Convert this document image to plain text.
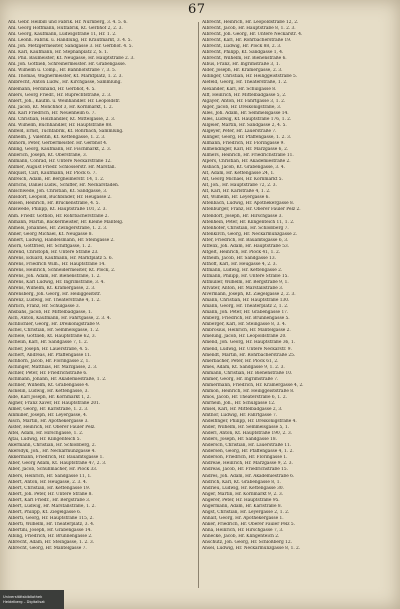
67
Ahl. Gebr. Hellbiß und Fabrik. Hr. Nürnberg, 3. 4. 5. 6.
Ahl. Georg Hoffmann, Hutfabrik, Kt. Gerbhof 2, 2. 3.
Ahl. Georg, Kaufmann, Ludwigstraße 11, Hr. 1. 2.
Ahl. Leonh. Fabrik. u. Handlung, Hr. Krautmarkt, 3. 4. 5.
Ahl. Joh. Metzgermeister, Sandgasse 3. Hr. Gerbhof. 4. 5.
Ahl. Karl, Kaufmann, Hr. Stephanplatz 2, S. 1.
Ahl. Phil. Baumeister, Kt. Neugasse, Hr. Hauptstraße 2. 3.
Ahl. Joh. Gottlieb, Schreinermeister. Hr. Grabengasse.
Ahl. Wilhelm u. Comp., Hr. Bahnhofstraße 7, 3. 5.
Ahl. Thomas, Wagnermeister, Kt. Marktplatz, 1. 2. 3.
Ahlbrecht, Anton Ludw., Hr. Kirchgasse, Sammlung.
Ahlemann, Ferdinand, Hr. Gerbhof, 4. 5.
Ahlers, Georg Friedr., Hr. Ruprechtstraße, 2. 3.
Ahlert, Joh., Kaufm. u. Weinhändler. Hr. Leopoldstr.
Ahl. Jacob, Kt. Mönchhof 3, Hr. Kornmarkt, 1. 2.
Ahl. Karl Friedrich, Hr. Neuenheim 6. 7.
Ahl. Christian, Holzhändler, Kt. Mittelgasse, 2. 3.
Ahl. Wilhelm, Buchhändler, Hr. Hauptstraße 88.
Ahlfeld, Ernst, Tuchfabrik, Kt. Rohrbach, Sammlung.
Ahlhelm, J. Valentin, Kt. Kettengasse, 1. 2. 3.
Ahlhorn, Peter, Gerbermeister. Hr. Gerbhof 4.
Ahling, Georg, Kaufmann, Hr. Fischmarkt, 2. 3.
Ahllerich, Joseph, Kt. Oberstraße, 3.
Ahlmann, Conrad, Hr. Untere Neckarstraße 12.
Ahlmer, August Friedr. Schlosserstr. Hr. Marstall.
Ahlquist, Carl, Kaufmann, Hr. Plöck 6. 7.
Ahlreich, Adam, Hr. Bergheimerstr. 14, 1. 2.
Ahlrichs, Daniel Ludw., Schiffer, Hr. Neckarstaden.
Ahlschwede, Joh. Christian, Kt. Sandgasse, 3.
Ahlsdorf, Leopold, Buchbinder, Hr. Heugasse 2.
Ahlsen, Heinrich, Hr. Brückenstraße, 4. 5.
Ahlswede, Philipp, Kt. Hauptstraße 101, 2. 3.
Ahm. Friedr. Gottlob, Hr. Rohrbacherstraße 2.
Ahmann, Martin, Bäckermeister, Hr. Kleine Mantelg.
Ahmels, Johannes, Hr. Zwingerstraße, 1. 2. 3.
Ahner, Georg Michael, Kt. Neugasse 8.
Ahnert, Ludwig, Handelsmann, Hr. Steingasse 2.
Ahorn, Gottfried, Hr. Schiffgasse, 1. 2.
Ahrend, Christoph, Hr. Untere Straße 23.
Ahrens, Eduard, Kaufmann, Hr. Marktplatz 5. 6.
Ahrens, Friedrich Wilh., Hr. Hauptstraße 14.
Ahrens, Heinrich, Schneidermeister, Kt. Plöck, 2.
Ahrens, Joh. Adam, Hr. Bienenstraße, 1. 2.
Ahrens, Karl Ludwig, Hr. Ingrimstraße, 3. 4.
Ahrens, Wilhelm, Kt. Krämergasse, 2. 3.
Ahrensberg, Joh. Georg, Hr. Heiliggeiststr.
Ahrenz, Ludwig, Hr. Theaterstraße 4, 1. 2.
Ahrlich, Franz, Hr. Schulgasse 3.
Ahsbahs, Jacob, Hr. Mittelbadgasse, 1.
Aich, Anton, Kaufmann, Hr. Fahrtgasse, 2. 3. 4.
Aichbichler, Georg, Hr. Dreikönigstraße 9.
Aichel, Christian, Hr. Semmelsgasse, 1. 2.
Aichele, Gottlieb, Kt. Hauptstraße 62, 3.
Aichelin, Karl, Hr. Sandgasse 7, 1. 2.
Aicher, Joseph, Hr. Lauerstraße, 4. 5.
Aichert, Andreas, Hr. Pfaffengasse 11.
Aichhorn, Jacob, Hr. Floringasse 2, 1.
Aichinger, Matthias, Hr. Märzgasse, 2. 3.
Aichler, Peter, Hr. Friedrichstraße 6.
Aichmann, Johann, Hr. Akademiestraße, 1. 2.
Aichner, Wilhelm, Kt. Grabengasse 4.
Aickelin, Ludwig, Hr. Kettengasse, 3.
Aide, Karl Joseph, Hr. Kornmarkt 1, 2.
Aigner, Franz Xaver, Hr. Hauptstraße 201.
Aimer, Georg, Hr. Karlstraße, 1. 2. 3.
Ainmiller, Joseph, Hr. Leyergasse, 4.
Aisch, Martin, Hr. Apothekergasse 3.
Aister, Heinrich, Hr. Oberer Fauler Pelz.
Aitel, Adam, Hr. Hirschgasse, 1. 2.
Ajtai, Ludwig, Hr. Klingenteich 5.
Akermann, Christian, Hr. Schloßberg, 2.
Akersdyk, Joh., Hr. Neckarmünzgasse 4.
Akkermann, Friedrich, Hr. Bauamtsgasse 1.
Alber, Georg Adam, Kt. Hauptstraße 47, 2. 3.
Alber, Jacob, Schuhmacher, Hr. Plöck 33.
Albers, Heinrich, Hr. Sandgasse 11, 1.
Albert, Anton, Hr. Heugasse, 2. 3. 4.
Albert, Christian, Hr. Kettengasse 19.
Albert, Joh. Peter, Hr. Untere Straße 8.
Albert, Karl Friedr., Hr. Bergstraße 3.
Albert, Ludwig, Hr. Marstallstraße, 1. 2.
Albert, Philipp, Kt. Ziegelgasse 6.
Alberti, Georg, Hr. Hauptstraße 115, 2.
Alberti, Wilhelm, Hr. Theaterplatz, 3. 4.
Albertini, Joseph, Hr. Grabengasse 14.
Albing, Friedrich, Hr. Brunnengasse 2.
Albrecht, Adam, Hr. Steingasse, 1. 2. 3.
Albrecht, Georg, Hr. Mantelgasse 7.
Albrecht, Heinrich, Hr. Leopoldstraße 12, 2.
Albrecht, Jacob, Hr. Hauptstraße 8, 1. 2. 3.
Albrecht, Joh. Georg, Hr. Untere Neckarstr. 4.
Albrecht, Karl, Hr. Rohrbacherstraße 19.
Albrecht, Ludwig, Hr. Plöck 88, 2. 3.
Albrecht, Philipp, Kt. Sandgasse 1, 4.
Albrecht, Wilhelm, Hr. Bienenstraße 6.
Albus, Franz, Hr. Ingrimstraße 3, 1.
Alder, Joseph, Hr. Krämergasse, 2. 3.
Aldinger, Christian, Hr. Heiliggeiststraße 5.
Alefeld, Georg, Hr. Theaterstraße, 1. 2.
Alexander, Karl, Hr. Schulgasse 8.
Alff, Heinrich, Hr. Mittelbadgasse 5, 2.
Algayer, Anton, Hr. Fahrtgasse 3, 1. 2.
Alger, Jacob, Hr. Dreikönigstraße, 3.
Alles, Joh. Adam, Hr. Semmelsgasse 14.
Alles, Ludwig, Kt. Hauptstraße 176, 1. 2.
Allgeier, Martin, Hr. Sandgasse 2, 4. 5.
Allgeyer, Peter, Hr. Lauerstraße 7.
Allinger, Georg, Hr. Pfaffengasse, 1. 2. 3.
Allmann, Friedrich, Hr. Floringasse 9.
Allmendinger, Karl, Hr. Märzgasse 6, 2.
Allmers, Heinrich, Hr. Friedrichstraße 11.
Alpers, Christian, Hr. Akademiestraße 2.
Alsbach, Jacob, Kt. Grabengasse, 3. 4.
Alt, Adam, Hr. Kettengasse 24, 1.
Alt, Georg Michael, Hr. Kornmarkt 5.
Alt, Joh., Hr. Hauptstraße 72, 2. 3.
Alt, Karl, Hr. Karlstraße 4, 1. 2.
Alt, Wilhelm, Hr. Leyergasse 6.
Altenbach, Ludwig, Hr. Apothekergasse 8.
Altenburger, Franz, Hr. Oberer Fauler Pelz 2.
Altendorf, Joseph, Hr. Hirschgasse 3.
Altenhein, Peter, Hr. Klingenteich 11, 1. 2.
Altenhofer, Christian, Hr. Schloßberg 7.
Altenkirch, Georg, Hr. Neckarmünzgasse 2.
Alter, Friedrich, Hr. Bauamtsgasse 6, 3.
Altfelix, Joh. Adam, Hr. Hauptstraße 53.
Altgelt, Heinrich, Hr. Plöck 41, 1. 2.
Altheim, Jacob, Hr. Sandgasse 13.
Althoff, Karl, Hr. Heugasse 4, 2. 3.
Altmann, Ludwig, Hr. Kettengasse 2.
Altmann, Philipp, Hr. Untere Straße 15.
Altmüller, Wilhelm, Hr. Bergstraße 9, 1.
Altvater, Anton, Hr. Marstallstraße 3.
Alvermann, Joseph, Kt. Ziegelgasse 2, 2. 3.
Amann, Christian, Hr. Hauptstraße 130.
Amann, Georg, Hr. Theaterplatz 2, 1. 2.
Amann, Joh. Peter, Hr. Grabengasse 17.
Amberg, Friedrich, Hr. Brunnengasse 5.
Amberger, Karl, Hr. Steingasse 8, 3. 4.
Ambrosius, Heinrich, Hr. Mantelgasse 2.
Amelung, Jacob, Hr. Leopoldstraße 20.
Amend, Joh. Georg, Hr. Hauptstraße 36, 1.
Amend, Ludwig, Hr. Untere Neckarstr. 9.
Amendt, Martin, Hr. Rohrbacherstraße 25.
Amerbacher, Peter, Hr. Plöck 61, 2.
Ames, Adam, Kt. Sandgasse 9, 1. 2. 3.
Ammann, Christian, Hr. Bienenstraße 10.
Ammer, Georg, Hr. Ingrimstraße 7.
Ammermann, Friedrich, Hr. Krämergasse 4, 2.
Ammon, Heinrich, Hr. Heiliggeiststraße 8.
Amos, Jacob, Hr. Theaterstraße 6, 1. 2.
Amrhein, Joh., Hr. Schulgasse 12.
Amsel, Karl, Hr. Mittelbadgasse 2, 3.
Amthor, Ludwig, Hr. Fahrtgasse 7.
Andelfinger, Philipp, Hr. Dreikönigstraße 4.
Ander, Wilhelm, Hr. Semmelsgasse 5, 1.
Anderl, Anton, Kt. Hauptstraße 190, 2. 3.
Anders, Joseph, Hr. Sandgasse 18.
Andersch, Christian, Hr. Lauerstraße 11.
Andersen, Georg, Hr. Pfaffengasse 4, 1. 2.
Anderson, Friedrich, Hr. Floringasse 1.
Andreae, Heinrich, Hr. Märzgasse 9, 2. 3.
Andreas, Jacob, Hr. Friedrichstraße 15.
Andres, Joh. Adam, Hr. Akademiestraße 6.
Andrich, Karl, Kt. Grabengasse 8, 1.
Andrieu, Ludwig, Hr. Kettengasse 30.
Anger, Martin, Hr. Kornmarkt 9, 2. 3.
Angerer, Peter, Hr. Hauptstraße 95.
Angermann, Adam, Hr. Karlstraße 8.
Angst, Christian, Hr. Leyergasse 2, 1. 2.
Anhalt, Georg, Hr. Apothekergasse 1.
Anker, Friedrich, Hr. Oberer Fauler Pelz 5.
Anna, Heinrich, Hr. Hirschgasse 7, 3.
Annecke, Jacob, Hr. Klingenteich 2.
Anschütz, Joh. Georg, Hr. Schloßberg 12.
Ansel, Ludwig, Hr. Neckarmünzgasse 8, 1. 2.
Universitätsbibliothek
Heidelberg – Digitalisat
